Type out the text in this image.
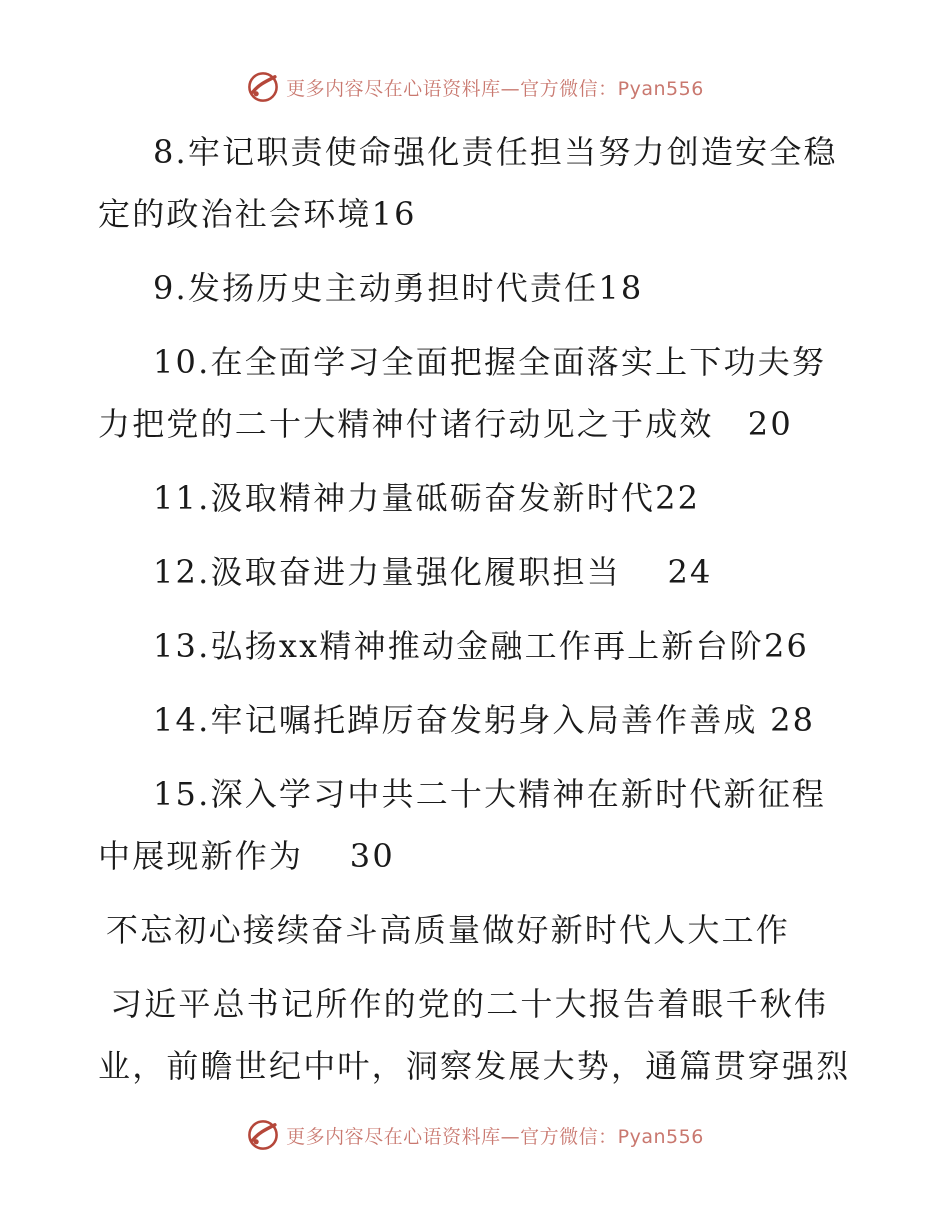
更多内容尽在心语资料库—官方微信：Pyan556

8.牢记职责使命强化责任担当努力创造安全稳定的政治社会环境16

9.发扬历史主动勇担时代责任18

10.在全面学习全面把握全面落实上下功夫努力把党的二十大精神付诸行动见之于成效　20

11.汲取精神力量砥砺奋发新时代22

12.汲取奋进力量强化履职担当　 24

13.弘扬xx精神推动金融工作再上新台阶26

14.牢记嘱托踔厉奋发躬身入局善作善成 28

15.深入学习中共二十大精神在新时代新征程中展现新作为　 30

不忘初心接续奋斗高质量做好新时代人大工作

习近平总书记所作的党的二十大报告着眼千秋伟业，前瞻世纪中叶，洞察发展大势，通篇贯穿强烈

更多内容尽在心语资料库—官方微信：Pyan556
